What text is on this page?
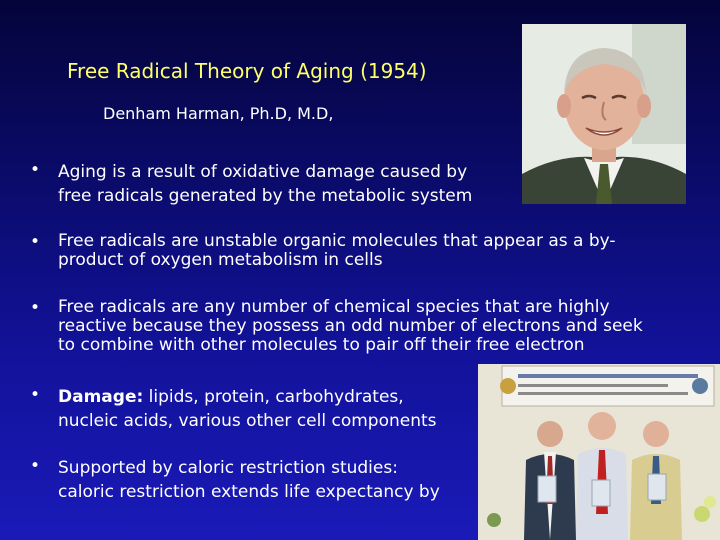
Free Radical Theory of Aging (1954)
Denham Harman, Ph.D, M.D,
• Aging is a result of oxidative damage caused by
free radicals generated by the metabolic system
• Free radicals are unstable organic molecules that appear as a by-
product of oxygen metabolism in cells
• Free radicals are any number of chemical species that are highly
reactive because they possess an odd number of electrons and seek
to combine with other molecules to pair off their free electron
• Damage: lipids, protein, carbohydrates,
nucleic acids, various other cell components
• Supported by caloric restriction studies:
caloric restriction extends life expectancy by
